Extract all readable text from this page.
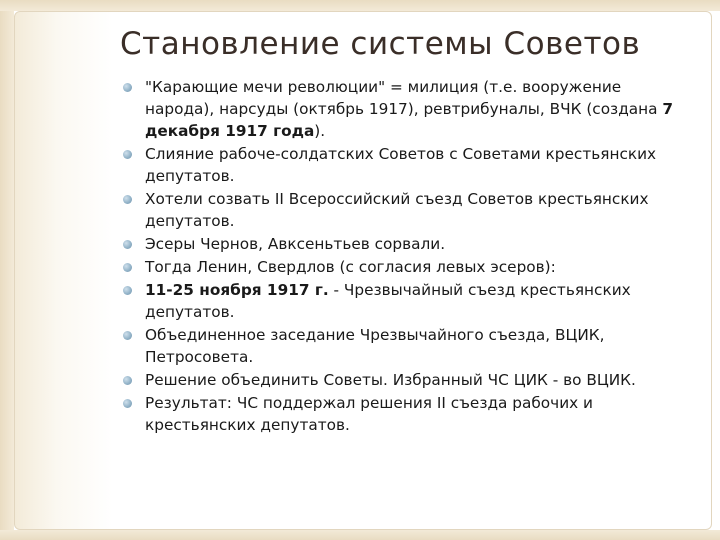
Становление системы Советов
"Карающие мечи революции" = милиция (т.е. вооружение народа), нарсуды (октябрь 1917), ревтрибуналы, ВЧК (создана 7 декабря 1917 года).
Слияние рабоче-солдатских Советов с Советами крестьянских депутатов.
Хотели созвать II Всероссийский съезд Советов крестьянских депутатов.
Эсеры Чернов, Авксеньтьев сорвали.
Тогда Ленин, Свердлов (с согласия левых эсеров):
11-25 ноября 1917 г. - Чрезвычайный съезд крестьянских депутатов.
Объединенное заседание Чрезвычайного съезда, ВЦИК, Петросовета.
Решение объединить Советы. Избранный ЧС ЦИК - во ВЦИК.
Результат: ЧС поддержал решения II съезда рабочих и крестьянских депутатов.
